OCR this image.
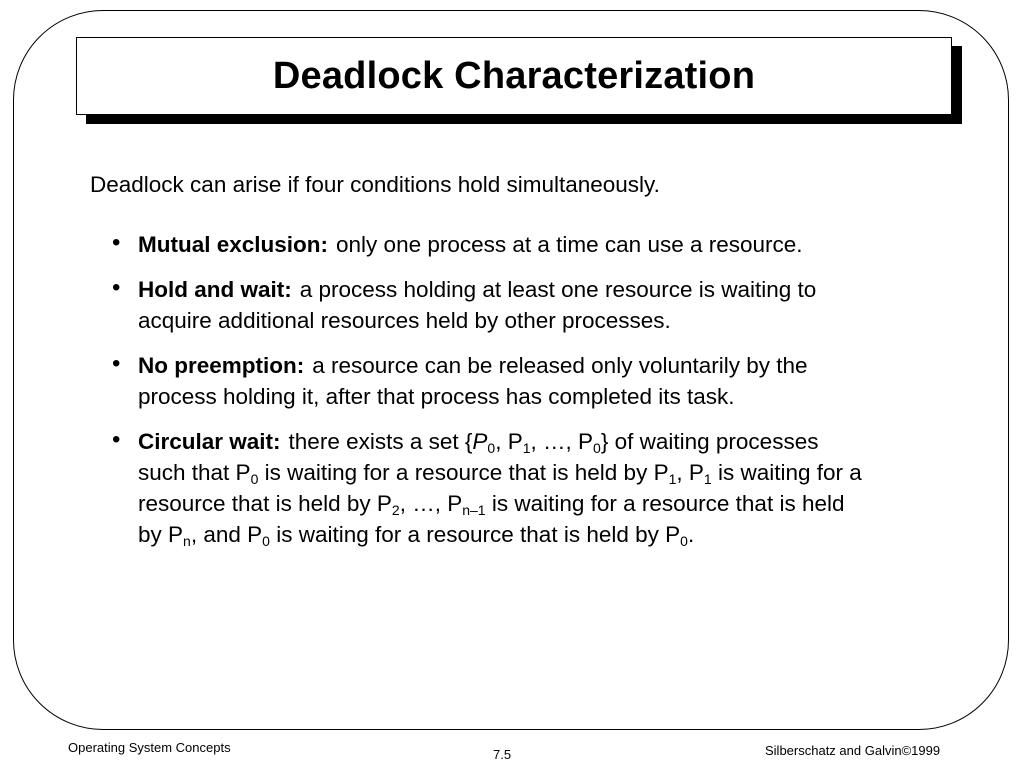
Deadlock Characterization
Deadlock can arise if four conditions hold simultaneously.
• Mutual exclusion: only one process at a time can use a resource.
• Hold and wait: a process holding at least one resource is waiting to acquire additional resources held by other processes.
• No preemption: a resource can be released only voluntarily by the process holding it, after that process has completed its task.
• Circular wait: there exists a set {$P_0$, $P_1$, …, $P_0$} of waiting processes such that $P_0$ is waiting for a resource that is held by $P_1$, $P_1$ is waiting for a resource that is held by $P_2$, …, $P_{n-1}$ is waiting for a resource that is held by $P_n$, and $P_0$ is waiting for a resource that is held by $P_0$.
Operating System Concepts	7.5	Silberschatz and Galvin©1999
